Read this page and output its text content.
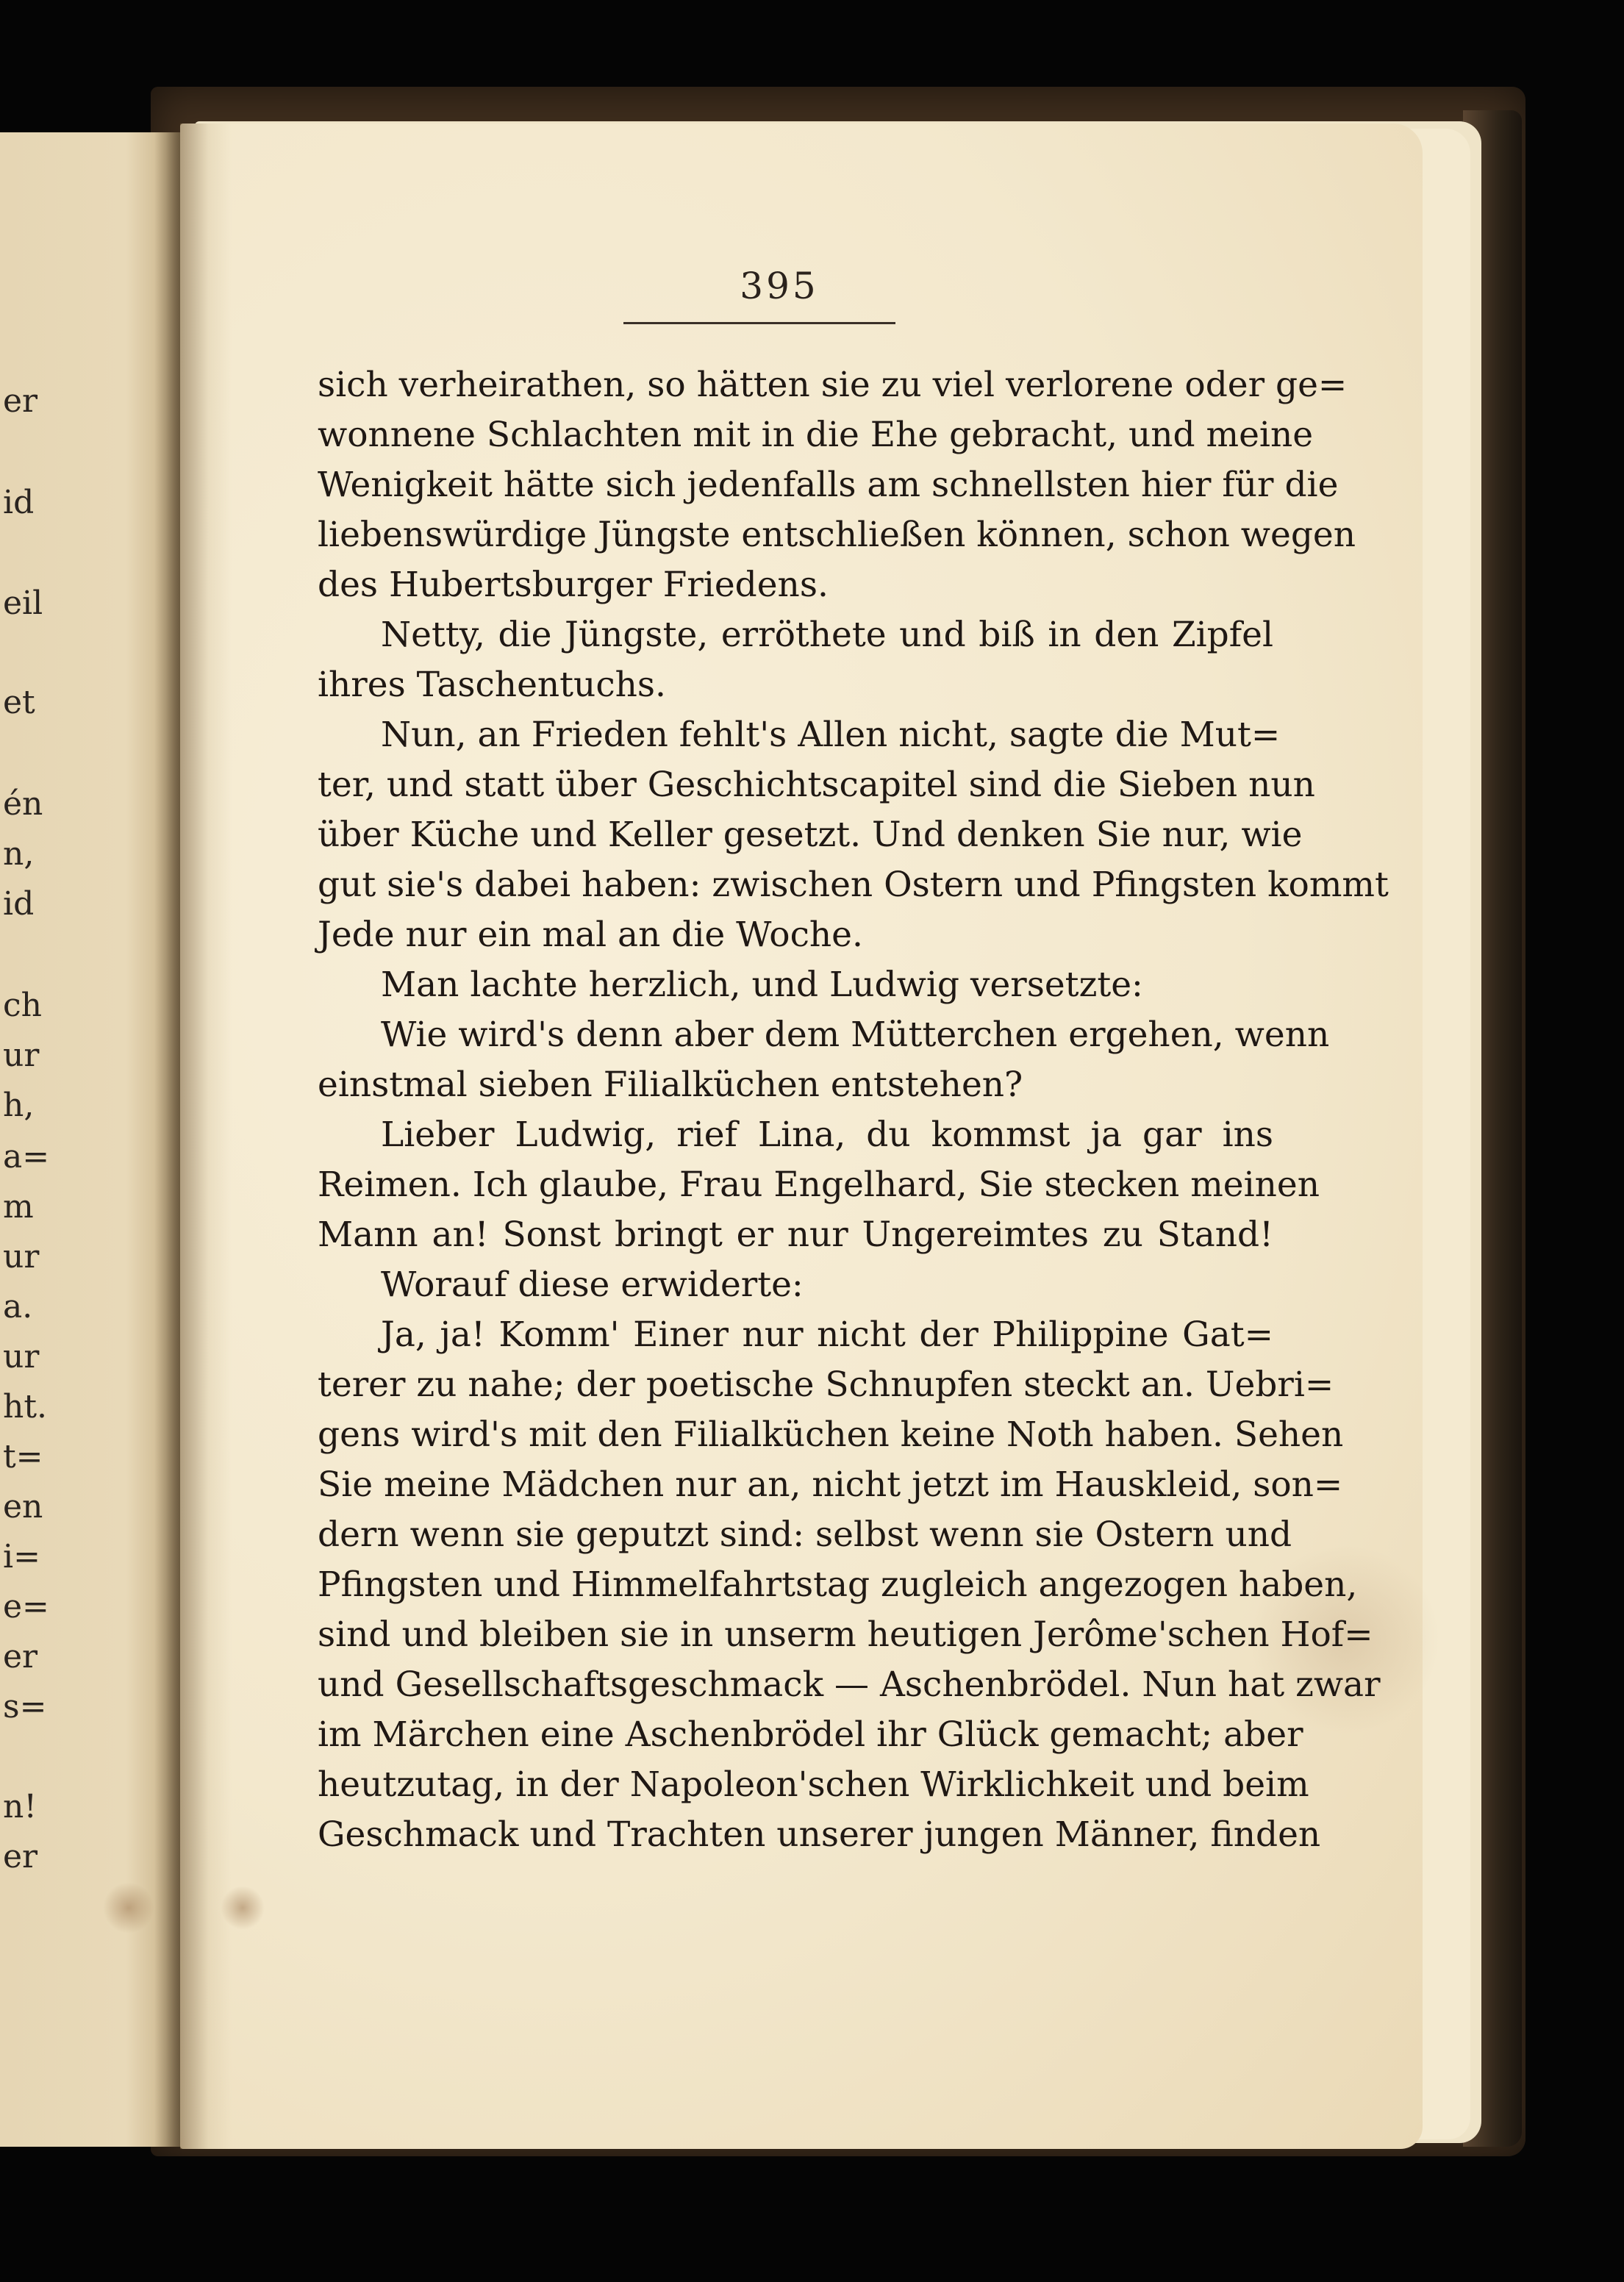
er
id
eil
et
én
n,
id
ch
ur
h,
a=
m
ur
a.
ur
ht.
t=
en
i=
e=
er
s=
n!
er
395
sich verheirathen, so hätten sie zu viel verlorene oder ge=
wonnene Schlachten mit in die Ehe gebracht, und meine
Wenigkeit hätte sich jedenfalls am schnellsten hier für die
liebenswürdige Jüngste entschließen können, schon wegen
des Hubertsburger Friedens.
Netty, die Jüngste, erröthete und biß in den Zipfel
ihres Taschentuchs.
Nun, an Frieden fehlt's Allen nicht, sagte die Mut=
ter, und statt über Geschichtscapitel sind die Sieben nun
über Küche und Keller gesetzt. Und denken Sie nur, wie
gut sie's dabei haben: zwischen Ostern und Pfingsten kommt
Jede nur ein mal an die Woche.
Man lachte herzlich, und Ludwig versetzte:
Wie wird's denn aber dem Mütterchen ergehen, wenn
einstmal sieben Filialküchen entstehen?
Lieber Ludwig, rief Lina, du kommst ja gar ins
Reimen. Ich glaube, Frau Engelhard, Sie stecken meinen
Mann an! Sonst bringt er nur Ungereimtes zu Stand!
Worauf diese erwiderte:
Ja, ja! Komm' Einer nur nicht der Philippine Gat=
terer zu nahe; der poetische Schnupfen steckt an. Uebri=
gens wird's mit den Filialküchen keine Noth haben. Sehen
Sie meine Mädchen nur an, nicht jetzt im Hauskleid, son=
dern wenn sie geputzt sind: selbst wenn sie Ostern und
Pfingsten und Himmelfahrtstag zugleich angezogen haben,
sind und bleiben sie in unserm heutigen Jerôme'schen Hof=
und Gesellschaftsgeschmack — Aschenbrödel. Nun hat zwar
im Märchen eine Aschenbrödel ihr Glück gemacht; aber
heutzutag, in der Napoleon'schen Wirklichkeit und beim
Geschmack und Trachten unserer jungen Männer, finden
